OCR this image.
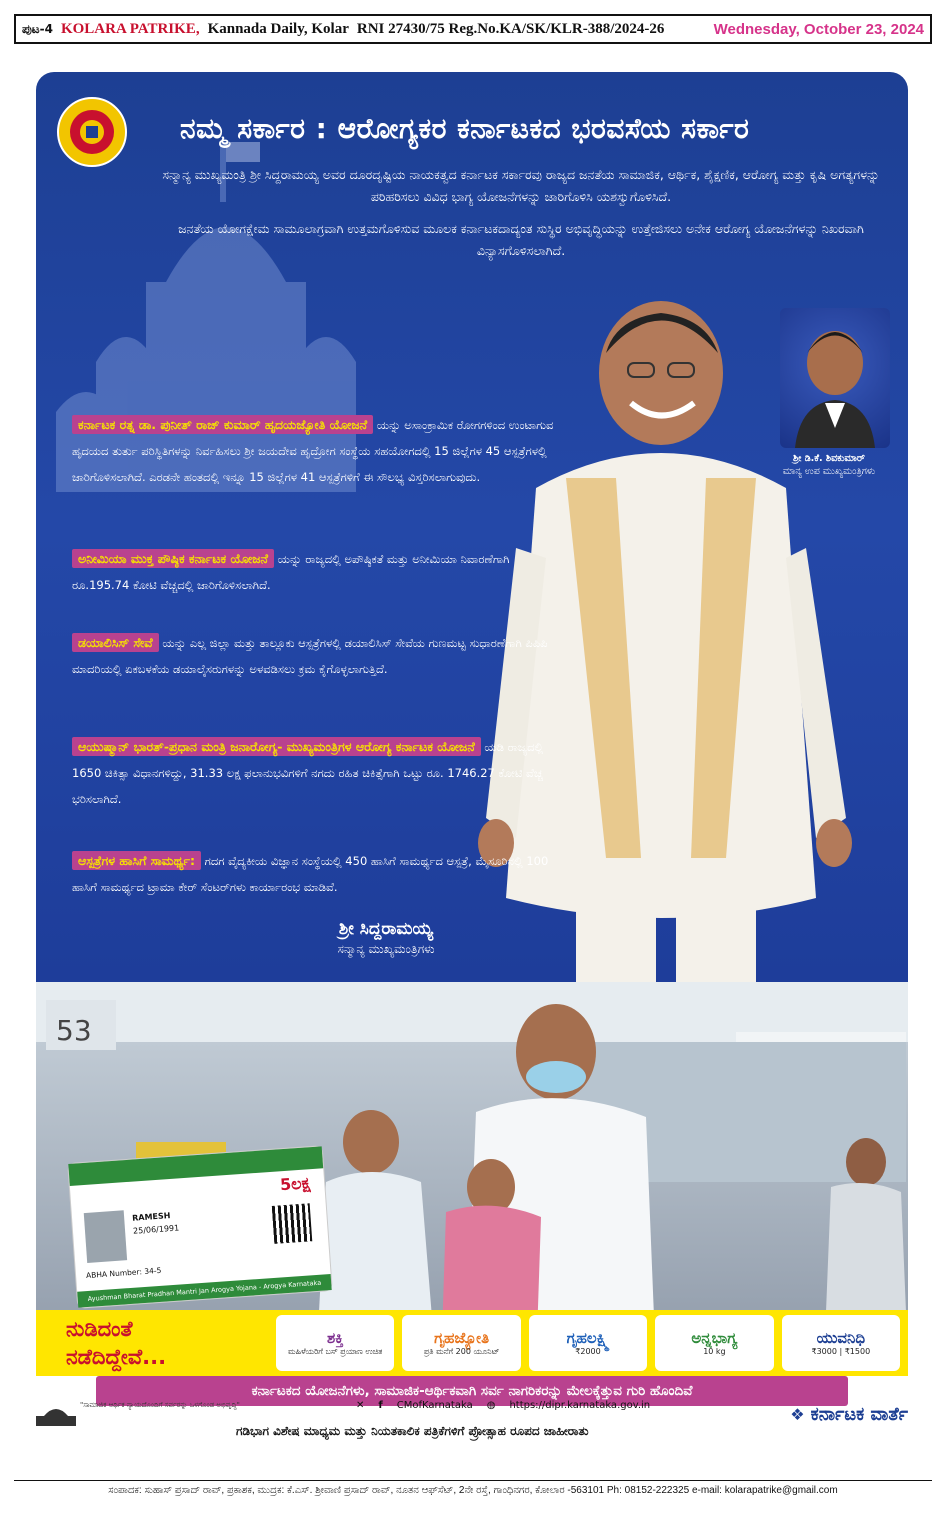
ಪುಟ-4 KOLARA PATRIKE, Kannada Daily, Kolar RNI 27430/75 Reg.No.KA/SK/KLR-388/2024-26	Wednesday, October 23, 2024
ನಮ್ಮ ಸರ್ಕಾರ : ಆರೋಗ್ಯಕರ ಕರ್ನಾಟಕದ ಭರವಸೆಯ ಸರ್ಕಾರ

ಸನ್ಮಾನ್ಯ ಮುಖ್ಯಮಂತ್ರಿ ಶ್ರೀ ಸಿದ್ದರಾಮಯ್ಯ ಅವರ ದೂರದೃಷ್ಟಿಯ ನಾಯಕತ್ವದ ಕರ್ನಾಟಕ ಸರ್ಕಾರವು ರಾಜ್ಯದ ಜನತೆಯ ಸಾಮಾಜಿಕ, ಆರ್ಥಿಕ, ಶೈಕ್ಷಣಿಕ, ಆರೋಗ್ಯ ಮತ್ತು ಕೃಷಿ ಅಗತ್ಯಗಳನ್ನು ಪರಿಹರಿಸಲು ವಿವಿಧ ಭಾಗ್ಯ ಯೋಜನೆಗಳನ್ನು ಜಾರಿಗೊಳಿಸಿ ಯಶಸ್ವುಗೊಳಿಸಿದೆ.

ಜನತೆಯ ಯೋಗಕ್ಷೇಮ ಸಾಮೂಲಾಗ್ರವಾಗಿ ಉತ್ತಮಗೊಳಿಸುವ ಮೂಲಕ ಕರ್ನಾಟಕದಾದ್ಯಂತ ಸುಸ್ಥಿರ ಅಭಿವೃದ್ಧಿಯನ್ನು ಉತ್ತೇಜಿಸಲು ಅನೇಕ ಆರೋಗ್ಯ ಯೋಜನೆಗಳನ್ನು ನಿಖರವಾಗಿ ವಿನ್ಯಾಸಗೊಳಿಸಲಾಗಿದೆ.

ಶ್ರೀ ಡಿ.ಕೆ. ಶಿವಕುಮಾರ್
ಮಾನ್ಯ ಉಪ ಮುಖ್ಯಮಂತ್ರಿಗಳು
ಕರ್ನಾಟಕ ರತ್ನ ಡಾ. ಪುನೀತ್ ರಾಜ್ ಕುಮಾರ್ ಹೃದಯಜ್ಯೋತಿ ಯೋಜನೆ ಯನ್ನು ಅಸಾಂಕ್ರಾಮಿಕ ರೋಗಗಳಿಂದ ಉಂಟಾಗುವ ಹೃದಯದ ತುರ್ತು ಪರಿಸ್ಥಿತಿಗಳನ್ನು ನಿರ್ವಹಿಸಲು ಶ್ರೀ ಜಯದೇವ ಹೃದ್ರೋಗ ಸಂಸ್ಥೆಯ ಸಹಯೋಗದಲ್ಲಿ 15 ಜಿಲ್ಲೆಗಳ 45 ಆಸ್ಪತ್ರೆಗಳಲ್ಲಿ ಜಾರಿಗೊಳಿಸಲಾಗಿದೆ. ಎರಡನೇ ಹಂತದಲ್ಲಿ ಇನ್ನೂ 15 ಜಿಲ್ಲೆಗಳ 41 ಆಸ್ಪತ್ರೆಗಳಿಗೆ ಈ ಸೌಲಭ್ಯ ವಿಸ್ತರಿಸಲಾಗುವುದು.
ಅನೀಮಿಯಾ ಮುಕ್ತ ಪೌಷ್ಠಿಕ ಕರ್ನಾಟಕ ಯೋಜನೆ ಯನ್ನು ರಾಜ್ಯದಲ್ಲಿ ಅಪೌಷ್ಠಿಕತೆ ಮತ್ತು ಅನೀಮಿಯಾ ನಿವಾರಣೆಗಾಗಿ ರೂ.195.74 ಕೋಟಿ ವೆಚ್ಚದಲ್ಲಿ ಜಾರಿಗೊಳಿಸಲಾಗಿದೆ.
ಡಯಾಲಿಸಿಸ್ ಸೇವೆ ಯನ್ನು ಎಲ್ಲ ಜಿಲ್ಲಾ ಮತ್ತು ತಾಲ್ಲೂಕು ಆಸ್ಪತ್ರೆಗಳಲ್ಲಿ ಡಯಾಲಿಸಿಸ್ ಸೇವೆಯ ಗುಣಮಟ್ಟ ಸುಧಾರಣೆಗಾಗಿ ಪಿಪಿಪಿ ಮಾದರಿಯಲ್ಲಿ ಏಕಬಳಕೆಯ ಡಯಾಲೈಸರುಗಳನ್ನು ಅಳವಡಿಸಲು ಕ್ರಮ ಕೈಗೊಳ್ಳಲಾಗುತ್ತಿದೆ.
ಆಯುಷ್ಮಾನ್ ಭಾರತ್-ಪ್ರಧಾನ ಮಂತ್ರಿ ಜನಾರೋಗ್ಯ- ಮುಖ್ಯಮಂತ್ರಿಗಳ ಆರೋಗ್ಯ ಕರ್ನಾಟಕ ಯೋಜನೆ ಯಡಿ ರಾಜ್ಯದಲ್ಲಿ 1650 ಚಿಕಿತ್ಸಾ ವಿಧಾನಗಳಿದ್ದು, 31.33 ಲಕ್ಷ ಫಲಾನುಭವಿಗಳಿಗೆ ನಗದು ರಹಿತ ಚಿಕಿತ್ಸೆಗಾಗಿ ಒಟ್ಟು ರೂ. 1746.27 ಕೋಟಿ ವೆಚ್ಚ ಭರಿಸಲಾಗಿದೆ.
ಆಸ್ಪತ್ರೆಗಳ ಹಾಸಿಗೆ ಸಾಮರ್ಥ್ಯ: ಗದಗ ವೈದ್ಯಕೀಯ ವಿಜ್ಞಾನ ಸಂಸ್ಥೆಯಲ್ಲಿ 450 ಹಾಸಿಗೆ ಸಾಮರ್ಥ್ಯದ ಆಸ್ಪತ್ರೆ, ಮೈಸೂರಿನಲ್ಲಿ 100 ಹಾಸಿಗೆ ಸಾಮರ್ಥ್ಯದ ಟ್ರಾಮಾ ಕೇರ್ ಸೆಂಟರ್‌ಗಳು ಕಾರ್ಯಾರಂಭ ಮಾಡಿವೆ.
ಶ್ರೀ ಸಿದ್ದರಾಮಯ್ಯ
ಸನ್ಮಾನ್ಯ ಮುಖ್ಯಮಂತ್ರಿಗಳು
53
5ಲಕ್ಷ
RAMESH
25/06/1991
ABHA Number: 34-5
Ayushman Bharat Pradhan Mantri Jan Arogya Yojana - Arogya Karnataka
ನುಡಿದಂತೆ
ನಡೆದಿದ್ದೇವೆ...
ಶಕ್ತಿ
ಮಹಿಳೆಯರಿಗೆ ಬಸ್ ಪ್ರಯಾಣ ಉಚಿತ
ಗೃಹಜ್ಯೋತಿ
ಪ್ರತಿ ಮನೆಗೆ 200 ಯೂನಿಟ್
ಗೃಹಲಕ್ಷ್ಮಿ
₹2000
ಅನ್ನಭಾಗ್ಯ
10 kg
ಯುವನಿಧಿ
₹3000 | ₹1500
ಕರ್ನಾಟಕದ ಯೋಜನೆಗಳು, ಸಾಮಾಜಿಕ-ಆರ್ಥಿಕವಾಗಿ ಸರ್ವ ನಾಗರಿಕರನ್ನು ಮೇಲಕ್ಕೆತ್ತುವ ಗುರಿ ಹೊಂದಿವೆ
"ಸಾಮಾಜಿಕ ಆರ್ಥಿಕ ನ್ಯಾಯದೊಂದಿಗೆ ಸರ್ವರನ್ನು ಒಳಗೊಂಡ ಅಭಿವೃದ್ಧಿ"	✕ f CMofKarnataka ◍ https://dipr.karnataka.gov.in
ಗಡಿಭಾಗ ವಿಶೇಷ ಮಾಧ್ಯಮ ಮತ್ತು ನಿಯತಕಾಲಿಕ ಪತ್ರಿಕೆಗಳಿಗೆ ಪ್ರೋತ್ಸಾಹ ರೂಪದ ಜಾಹೀರಾತು
❖ ಕರ್ನಾಟಕ ವಾರ್ತೆ
ಸಂಪಾದಕ: ಸುಹಾಸ್ ಪ್ರಸಾದ್ ರಾವ್, ಪ್ರಕಾಶಕ, ಮುದ್ರಕ: ಕೆ.ಎಸ್. ಶ್ರೀವಾಣಿ ಪ್ರಸಾದ್ ರಾವ್, ನೂತನ ಆಫ್‌ಸೆಟ್, 2ನೇ ರಸ್ತೆ, ಗಾಂಧಿನಗರ, ಕೋಲಾರ -563101 Ph: 08152-222325 e-mail: kolarapatrike@gmail.com
